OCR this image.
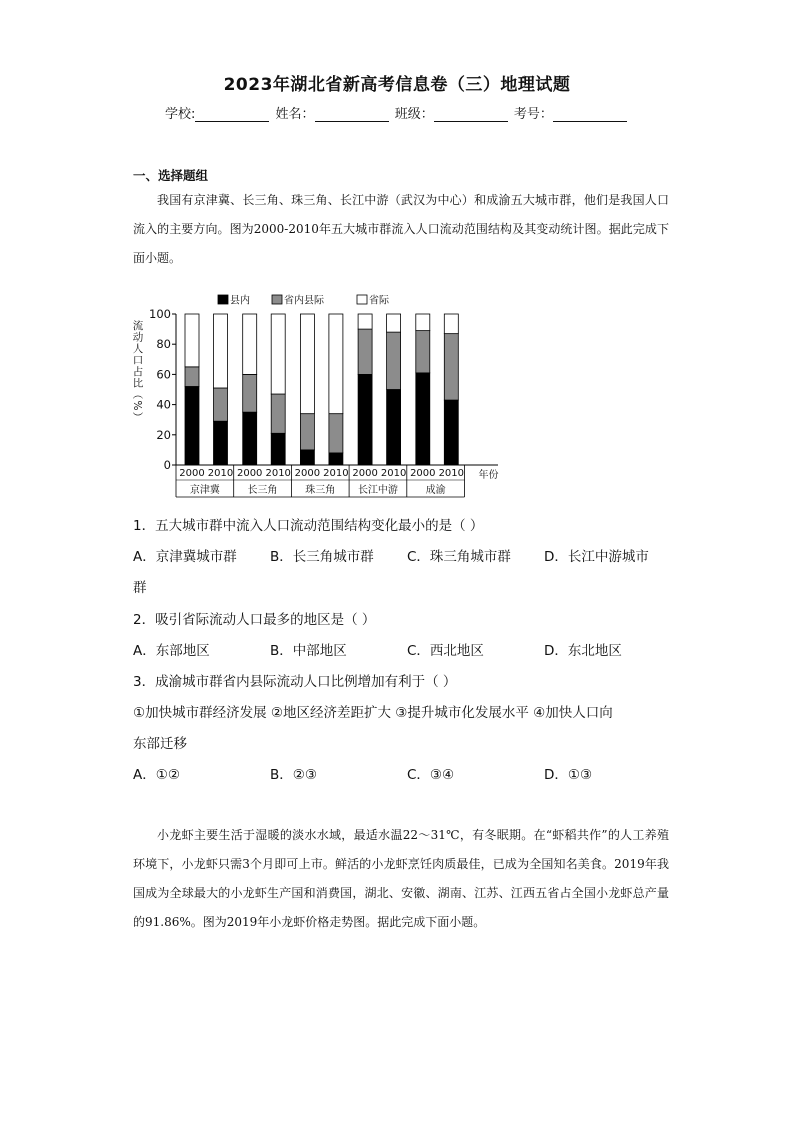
2023年湖北省新高考信息卷（三）地理试题
学校:	姓名：	班级：	考号：
一、选择题组

我国有京津冀、长三角、珠三角、长江中游（武汉为中心）和成渝五大城市群，他们是我国人口流入的主要方向。图为2000-2010年五大城市群流入人口流动范围结构及其变动统计图。据此完成下面小题。

县内	省内县际	省际
流
动
人
口
占
比
（
%
）
0
20
40
60
80
100
2000 2010 2000 2010 2000 2010 2000 2010 2000 2010
京津冀	长三角	珠三角 长江中游	成渝
年份
1．五大城市群中流入人口流动范围结构变化最小的是（ ）
A．京津冀城市群 B．长三角城市群 C．珠三角城市群 D．长江中游城市
群
2．吸引省际流动人口最多的地区是（ ）
A．东部地区	B．中部地区	C．西北地区	D．东北地区
3．成渝城市群省内县际流动人口比例增加有利于（ ）
①加快城市群经济发展 ②地区经济差距扩大 ③提升城市化发展水平 ④加快人口向
东部迁移
A．①②	B．②③	C．③④	D．①③

小龙虾主要生活于湿暖的淡水水域，最适水温22～31℃，有冬眠期。在“虾稻共作”的人工养殖环境下，小龙虾只需3个月即可上市。鲜活的小龙虾烹饪肉质最佳，已成为全国知名美食。2019年我国成为全球最大的小龙虾生产国和消费国，湖北、安徽、湖南、江苏、江西五省占全国小龙虾总产量的91.86%。图为2019年小龙虾价格走势图。据此完成下面小题。
